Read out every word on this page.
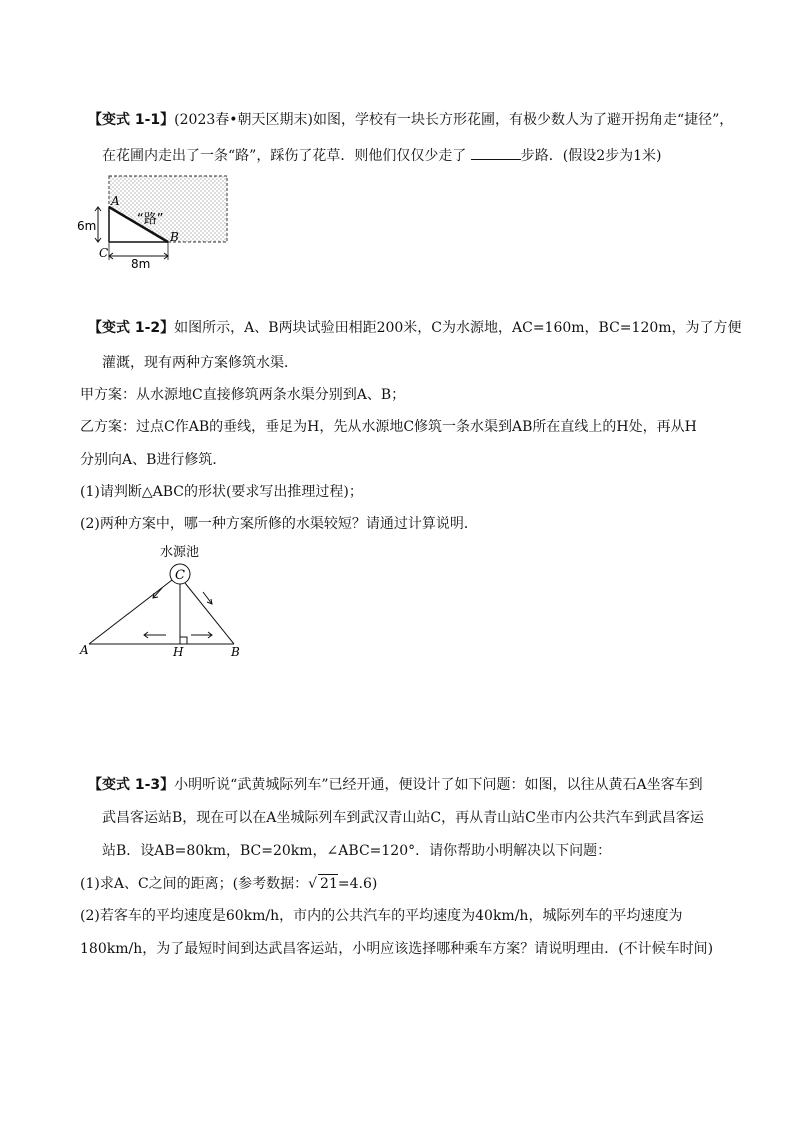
【变式 1-1】(2023春•朝天区期末)如图，学校有一块长方形花圃，有极少数人为了避开拐角走“捷径”，
在花圃内走出了一条“路”，踩伤了花草．则他们仅仅少走了	步路．(假设2步为1米)
A
B
C
“路”
6m
8m
【变式 1-2】如图所示，A、B两块试验田相距200米，C为水源地，AC=160m，BC=120m，为了方便
灌溉，现有两种方案修筑水渠．
甲方案：从水源地C直接修筑两条水渠分别到A、B；
乙方案：过点C作AB的垂线，垂足为H，先从水源地C修筑一条水渠到AB所在直线上的H处，再从H
分别向A、B进行修筑．
(1)请判断△ABC的形状(要求写出推理过程)；
(2)两种方案中，哪一种方案所修的水渠较短？请通过计算说明．
水源池
C
A	H	B
【变式 1-3】小明听说“武黄城际列车”已经开通，便设计了如下问题：如图，以往从黄石A坐客车到
武昌客运站B，现在可以在A坐城际列车到武汉青山站C，再从青山站C坐市内公共汽车到武昌客运
站B．设AB=80km，BC=20km，∠ABC=120°．请你帮助小明解决以下问题：
(1)求A、C之间的距离；(参考数据：√ 21=4.6)
(2)若客车的平均速度是60km/h，市内的公共汽车的平均速度为40km/h，城际列车的平均速度为
180km/h，为了最短时间到达武昌客运站，小明应该选择哪种乘车方案？请说明理由．(不计候车时间)
